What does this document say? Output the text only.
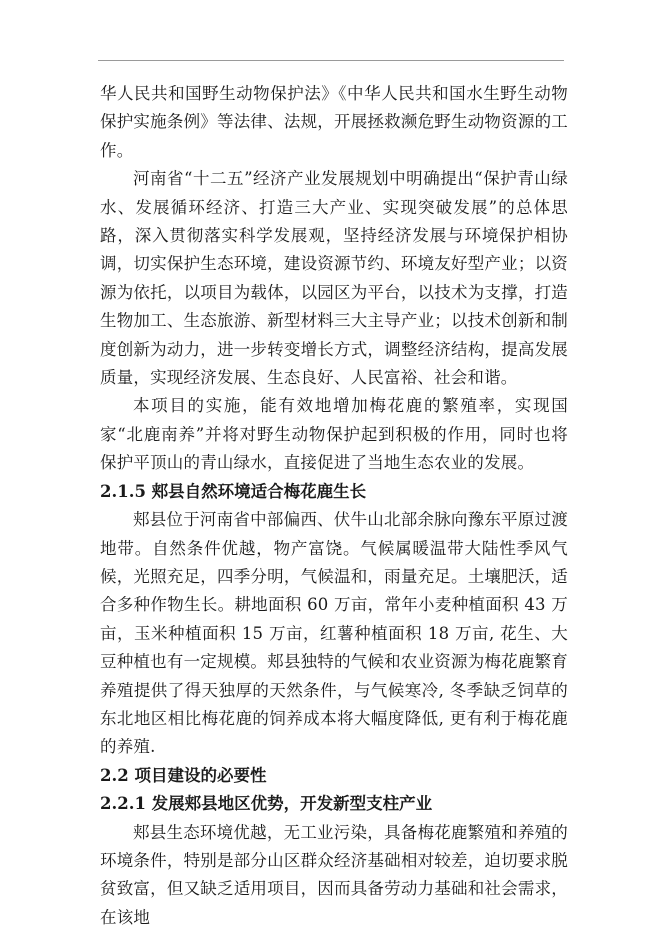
华人民共和国野生动物保护法》《中华人民共和国水生野生动物保护实施条例》等法律、法规，开展拯救濒危野生动物资源的工作。

河南省“十二五”经济产业发展规划中明确提出“保护青山绿水、发展循环经济、打造三大产业、实现突破发展”的总体思路，深入贯彻落实科学发展观，坚持经济发展与环境保护相协调，切实保护生态环境，建设资源节约、环境友好型产业；以资源为依托，以项目为载体，以园区为平台，以技术为支撑，打造生物加工、生态旅游、新型材料三大主导产业；以技术创新和制度创新为动力，进一步转变增长方式，调整经济结构，提高发展质量，实现经济发展、生态良好、人民富裕、社会和谐。

本项目的实施，能有效地增加梅花鹿的繁殖率，实现国家“北鹿南养”并将对野生动物保护起到积极的作用，同时也将保护平顶山的青山绿水，直接促进了当地生态农业的发展。

2.1.5 郏县自然环境适合梅花鹿生长

郏县位于河南省中部偏西、伏牛山北部余脉向豫东平原过渡地带。自然条件优越，物产富饶。气候属暖温带大陆性季风气候，光照充足，四季分明，气候温和，雨量充足。土壤肥沃，适合多种作物生长。耕地面积 60 万亩，常年小麦种植面积 43 万亩，玉米种植面积 15 万亩，红薯种植面积 18 万亩, 花生、大豆种植也有一定规模。郏县独特的气候和农业资源为梅花鹿繁育养殖提供了得天独厚的天然条件，与气候寒冷, 冬季缺乏饲草的东北地区相比梅花鹿的饲养成本将大幅度降低, 更有利于梅花鹿的养殖.

2.2 项目建设的必要性
2.2.1 发展郏县地区优势，开发新型支柱产业

郏县生态环境优越，无工业污染，具备梅花鹿繁殖和养殖的环境条件，特别是部分山区群众经济基础相对较差，迫切要求脱贫致富，但又缺乏适用项目，因而具备劳动力基础和社会需求，在该地
